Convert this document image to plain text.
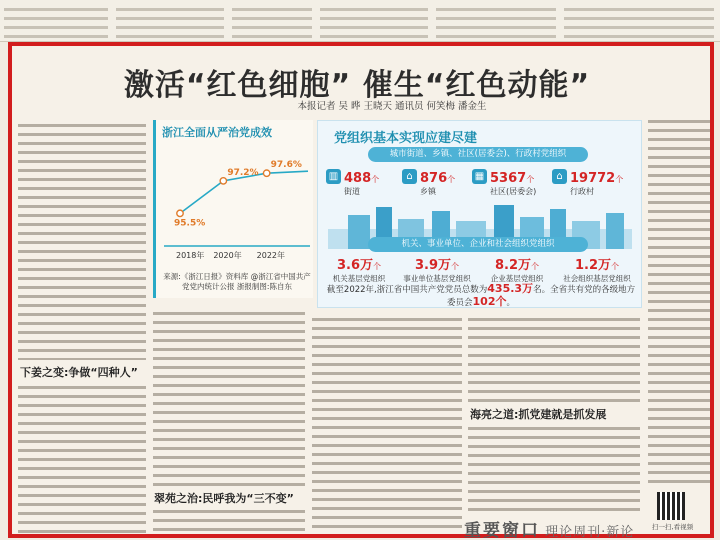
激活“红色细胞” 催生“红色动能”
本报记者 吴 晔 王晓天 通讯员 何笑梅 潘金生
下姜之变:争做“四种人”
浙江全面从严治党成效
95.5%
97.2%
97.6%
2018年 2020年 2022年
来源:《浙江日报》资料库 @浙江省中国共产党党内统计公报 浙报制图:陈自东
党组织基本实现应建尽建
城市街道、乡镇、社区(居委会)、行政村党组织
▥ 488个
街道
⌂ 876个
乡镇
▦ 5367个
社区(居委会)
⌂ 19772个
行政村
机关、事业单位、企业和社会组织党组织
3.6万个
机关基层党组织
3.9万个
事业单位基层党组织
8.2万个
企业基层党组织
1.2万个
社会组织基层党组织
截至2022年,浙江省中国共产党党员总数为435.3万名。全省共有党的各级地方委员会102个。
翠苑之治:民呼我为“三不变”
海亮之道:抓党建就是抓发展
扫一扫,看视频
重要窗口 理论周刊·新论
